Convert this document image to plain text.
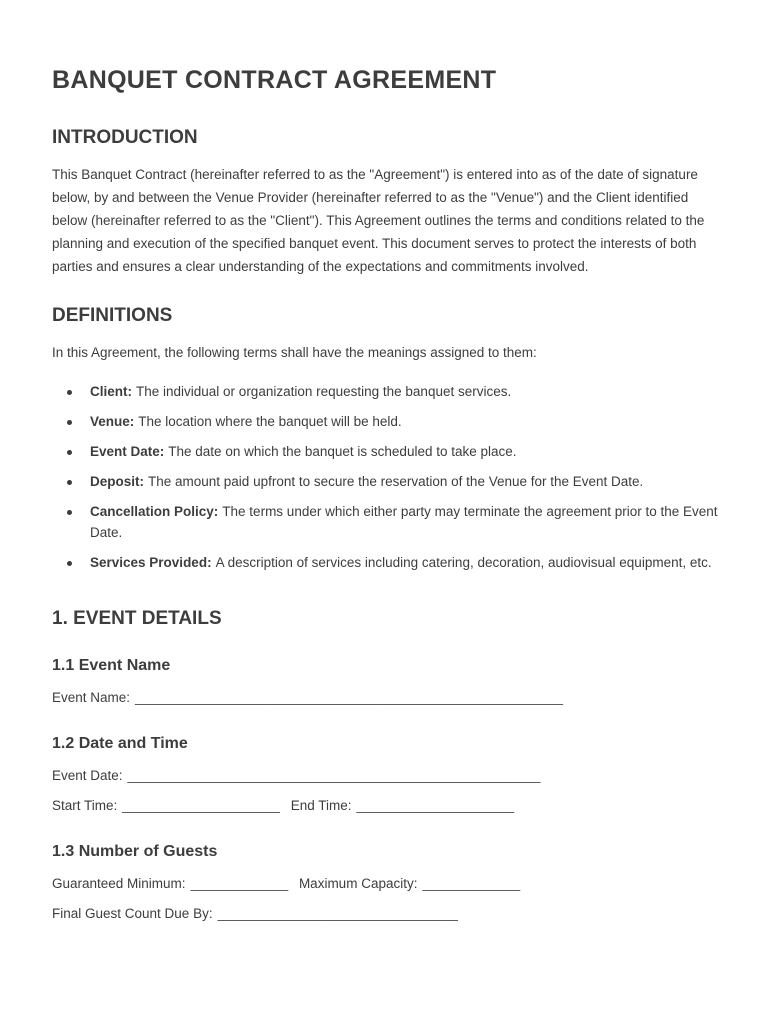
BANQUET CONTRACT AGREEMENT
INTRODUCTION

This Banquet Contract (hereinafter referred to as the "Agreement") is entered into as of the date of signature below, by and between the Venue Provider (hereinafter referred to as the "Venue") and the Client identified below (hereinafter referred to as the "Client"). This Agreement outlines the terms and conditions related to the planning and execution of the specified banquet event. This document serves to protect the interests of both parties and ensures a clear understanding of the expectations and commitments involved.

DEFINITIONS

In this Agreement, the following terms shall have the meanings assigned to them:

Client: The individual or organization requesting the banquet services.
Venue: The location where the banquet will be held.
Event Date: The date on which the banquet is scheduled to take place.
Deposit: The amount paid upfront to secure the reservation of the Venue for the Event Date.
Cancellation Policy: The terms under which either party may terminate the agreement prior to the Event Date.
Services Provided: A description of services including catering, decoration, audiovisual equipment, etc.
1. EVENT DETAILS
1.1 Event Name

Event Name: _________________________________________________________

1.2 Date and Time

Event Date: _______________________________________________________

Start Time: _____________________ End Time: _____________________

1.3 Number of Guests

Guaranteed Minimum: _____________ Maximum Capacity: _____________

Final Guest Count Due By: ________________________________
